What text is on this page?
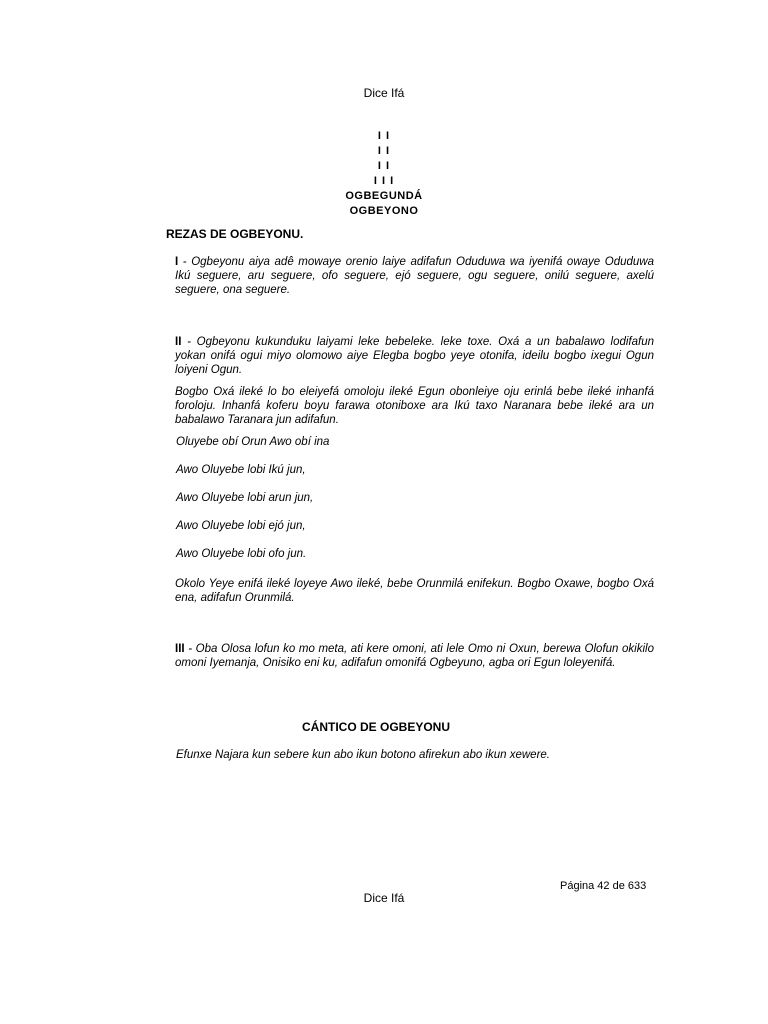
Dice Ifá
I I
I I
I I
I I I
OGBEGUNDÁ
OGBEYONO
REZAS DE OGBEYONU.
I - Ogbeyonu aiya adê mowaye orenio laiye adifafun Oduduwa wa iyenifá owaye Oduduwa Ikú seguere, aru seguere, ofo seguere, ejó seguere, ogu seguere, onilú seguere, axelú seguere, ona seguere.
II - Ogbeyonu kukunduku laiyami leke bebeleke. leke toxe. Oxá a un babalawo lodifafun yokan onifá ogui miyo olomowo aiye Elegba bogbo yeye otonifa, ideilu bogbo ixegui Ogun loiyeni Ogun.
Bogbo Oxá ileké lo bo eleiyefá omoloju ileké Egun obonleiye oju erinlá bebe ileké inhanfá foroloju. Inhanfá koferu boyu farawa otoniboxe ara Ikú taxo Naranara bebe ileké ara un babalawo Taranara jun adifafun.
Oluyebe obí Orun Awo obí ina
Awo Oluyebe lobi Ikú jun,
Awo Oluyebe lobi arun jun,
Awo Oluyebe lobi ejó jun,
Awo Oluyebe lobi ofo jun.
Okolo Yeye enifá ileké loyeye Awo ileké, bebe Orunmilá enifekun. Bogbo Oxawe, bogbo Oxá ena, adifafun Orunmilá.
III - Oba Olosa lofun ko mo meta, ati kere omoni, ati lele Omo ni Oxun, berewa Olofun okikilo omoni Iyemanja, Onisiko eni ku, adifafun omonifá Ogbeyuno, agba ori Egun loleyenifá.
CÁNTICO DE OGBEYONU
Efunxe Najara kun sebere kun abo ikun botono afirekun abo ikun xewere.
Página 42 de 633
Dice Ifá
